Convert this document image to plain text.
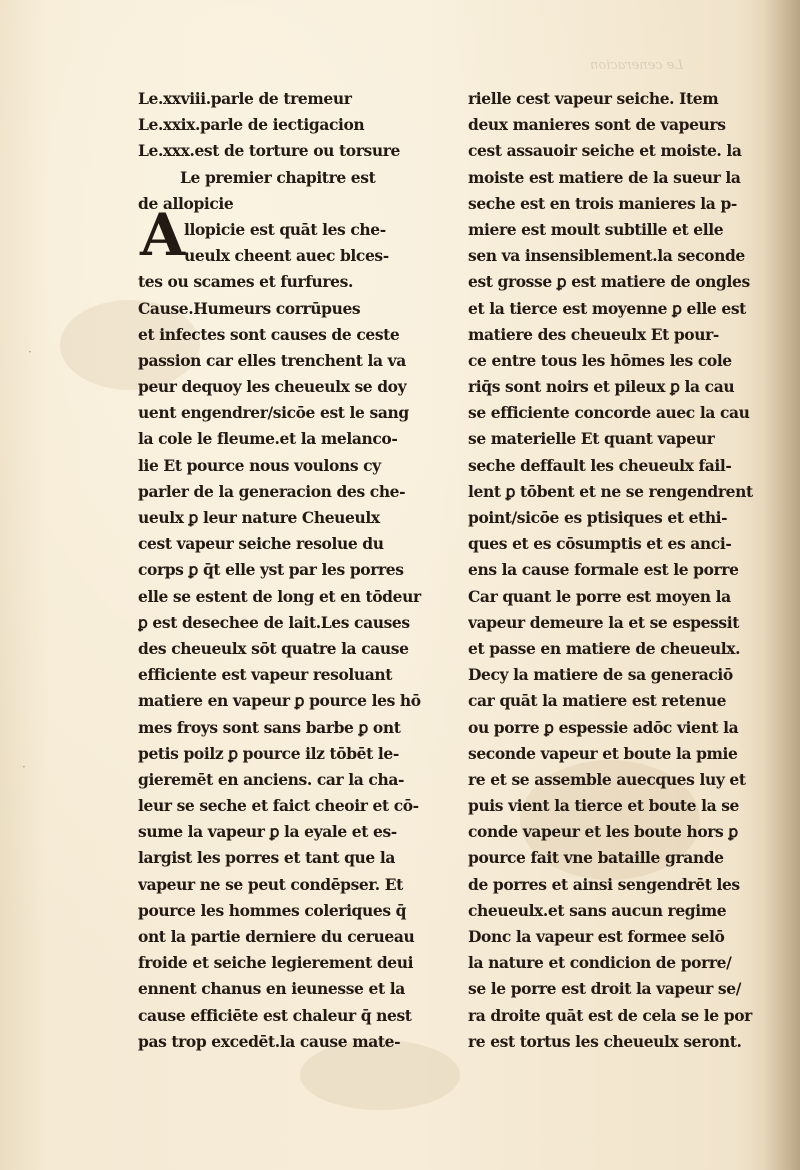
Le ceneracion
·
·
A
Le.xxviii.parle de tremeur
Le.xxix.parle de iectigacion
Le.xxx.est de torture ou torsure
Le premier chapitre est
de allopicie
llopicie est quāt les che-
ueulx cheent auec blces-
tes ou scames et furfures.
Cause.Humeurs corrūpues
et infectes sont causes de ceste
passion car elles trenchent la va
peur dequoy les cheueulx se doy
uent engendrer/sicōe est le sang
la cole le fleume.et la melanco-
lie Et pource nous voulons cy
parler de la generacion des che-
ueulx ꝑ leur nature Cheueulx
cest vapeur seiche resolue du
corps ꝑ q̄t elle yst par les porres
elle se estent de long et en tōdeur
ꝑ est desechee de lait.Les causes
des cheueulx sōt quatre la cause
efficiente est vapeur resoluant
matiere en vapeur ꝑ pource les hō
mes froys sont sans barbe ꝑ ont
petis poilz ꝑ pource ilz tōbēt le-
gieremēt en anciens. car la cha-
leur se seche et faict cheoir et cō-
sume la vapeur ꝑ la eyale et es-
largist les porres et tant que la
vapeur ne se peut condēpser. Et
pource les hommes coleriques q̄
ont la partie derniere du cerueau
froide et seiche legierement deui
ennent chanus en ieunesse et la
cause efficiēte est chaleur q̄ nest
pas trop excedēt.la cause mate-
rielle cest vapeur seiche. Item
deux manieres sont de vapeurs
cest assauoir seiche et moiste. la
moiste est matiere de la sueur la
seche est en trois manieres la p-
miere est moult subtille et elle
sen va insensiblement.la seconde
est grosse ꝑ est matiere de ongles
et la tierce est moyenne ꝑ elle est
matiere des cheueulx Et pour-
ce entre tous les hōmes les cole
riq̄s sont noirs et pileux ꝑ la cau
se efficiente concorde auec la cau
se materielle Et quant vapeur
seche deffault les cheueulx fail-
lent ꝑ tōbent et ne se rengendrent
point/sicōe es ptisiques et ethi-
ques et es cōsumptis et es anci-
ens la cause formale est le porre
Car quant le porre est moyen la
vapeur demeure la et se espessit
et passe en matiere de cheueulx.
Decy la matiere de sa generaciō
car quāt la matiere est retenue
ou porre ꝑ espessie adōc vient la
seconde vapeur et boute la pmie
re et se assemble auecques luy et
puis vient la tierce et boute la se
conde vapeur et les boute hors ꝑ
pource fait vne bataille grande
de porres et ainsi sengendrēt les
cheueulx.et sans aucun regime
Donc la vapeur est formee selō
la nature et condicion de porre/
se le porre est droit la vapeur se/
ra droite quāt est de cela se le por
re est tortus les cheueulx seront.
